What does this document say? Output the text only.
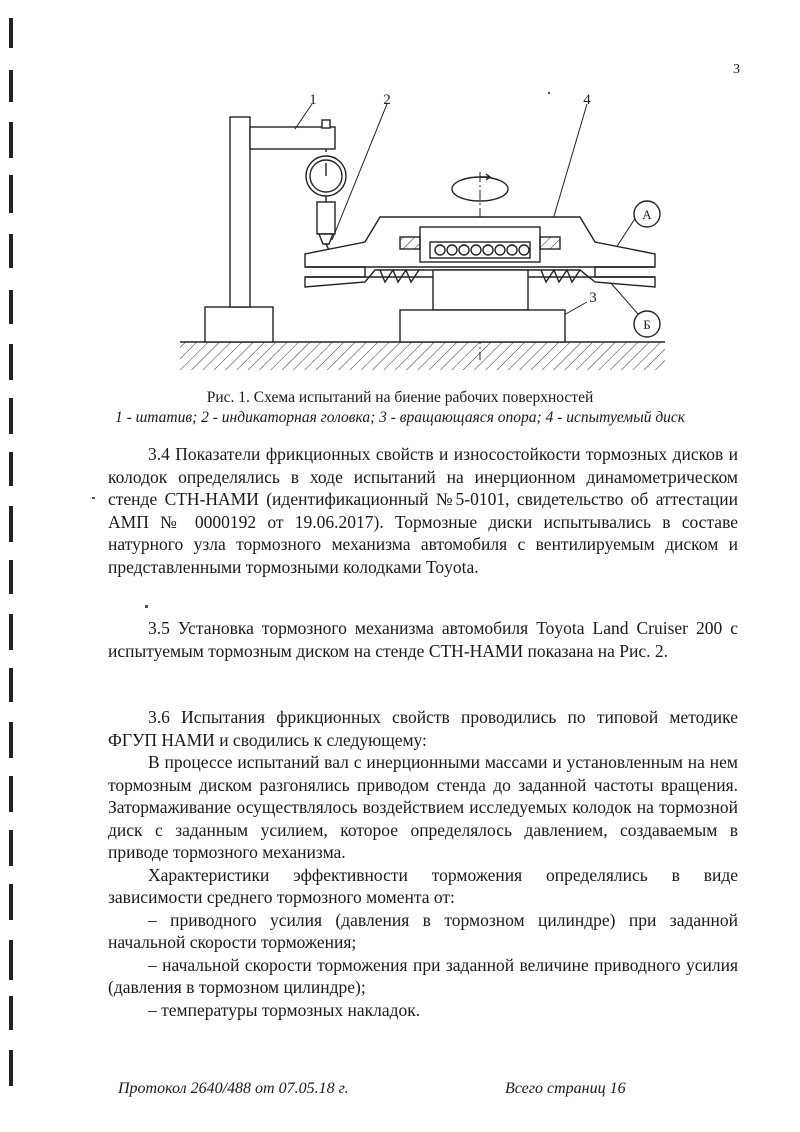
3
1	2	4
3
А
Б
Рис. 1. Схема испытаний на биение рабочих поверхностей
1 - штатив; 2 - индикаторная головка; 3 - вращающаяся опора; 4 - испытуемый диск

3.4 Показатели фрикционных свойств и износостойкости тормозных дисков и колодок определялись в ходе испытаний на инерционном динамометрическом стенде СТН-НАМИ (идентификационный №5-0101, свидетельство об аттестации АМП № 0000192 от 19.06.2017). Тормозные диски испытывались в составе натурного узла тормозного механизма автомобиля с вентилируемым диском и представленными тормозными колодками Toyota.

3.5 Установка тормозного механизма автомобиля Toyota Land Cruiser 200 с испытуемым тормозным диском на стенде СТН-НАМИ показана на Рис. 2.

3.6 Испытания фрикционных свойств проводились по типовой методике ФГУП НАМИ и сводились к следующему:

В процессе испытаний вал с инерционными массами и установленным на нем тормозным диском разгонялись приводом стенда до заданной частоты вращения. Затормаживание осуществлялось воздействием исследуемых колодок на тормозной диск с заданным усилием, которое определялось давлением, создаваемым в приводе тормозного механизма.

Характеристики эффективности торможения определялись в виде зависимости среднего тормозного момента от:

– приводного усилия (давления в тормозном цилиндре) при заданной начальной скорости торможения;

– начальной скорости торможения при заданной величине приводного усилия (давления в тормозном цилиндре);

– температуры тормозных накладок.

Протокол 2640/488 от 07.05.18 г.	Всего страниц 16
